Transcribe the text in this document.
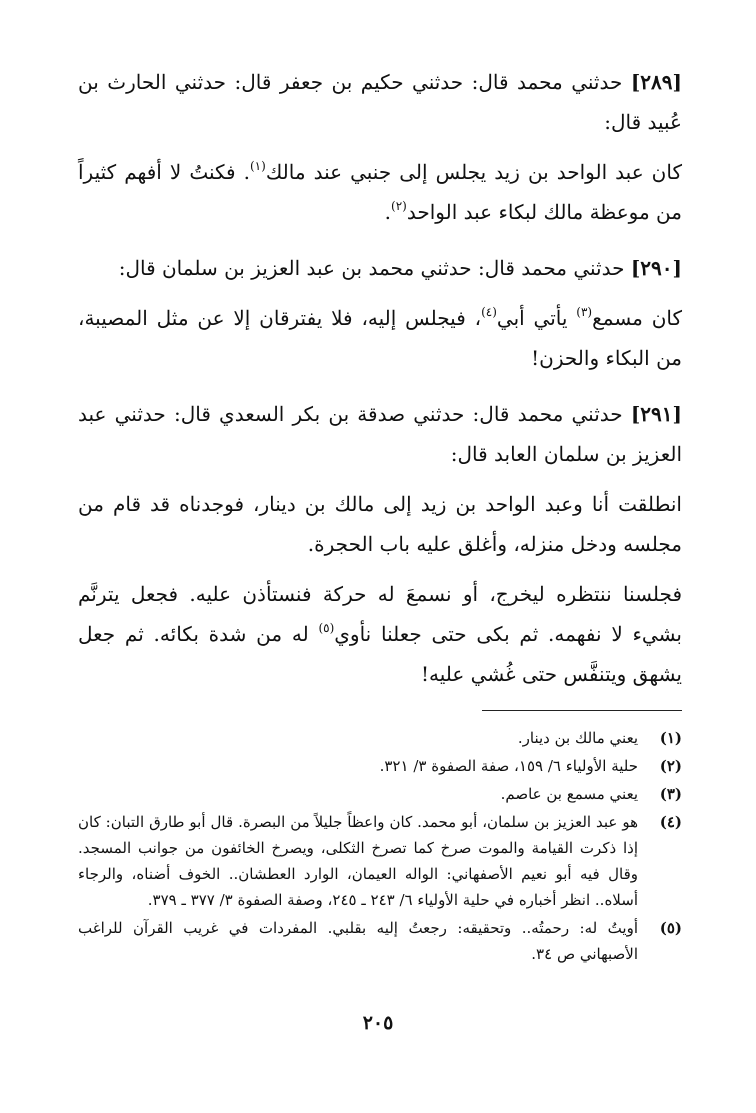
[٢٨٩] حدثني محمد قال: حدثني حكيم بن جعفر قال: حدثني الحارث بن عُبيد قال:

كان عبد الواحد بن زيد يجلس إلى جنبي عند مالك$^{(١)}$. فكنتُ لا أفهم كثيراً من موعظة مالك لبكاء عبد الواحد$^{(٢)}$.

[٢٩٠] حدثني محمد قال: حدثني محمد بن عبد العزيز بن سلمان قال:

كان مسمع$^{(٣)}$ يأتي أبي$^{(٤)}$، فيجلس إليه، فلا يفترقان إلا عن مثل المصيبة، من البكاء والحزن!

[٢٩١] حدثني محمد قال: حدثني صدقة بن بكر السعدي قال: حدثني عبد العزيز بن سلمان العابد قال:

انطلقت أنا وعبد الواحد بن زيد إلى مالك بن دينار، فوجدناه قد قام من مجلسه ودخل منزله، وأغلق عليه باب الحجرة.

فجلسنا ننتظره ليخرج، أو نسمعَ له حركة فنستأذن عليه. فجعل يترنَّم بشيء لا نفهمه. ثم بكى حتى جعلنا نأوي$^{(٥)}$ له من شدة بكائه. ثم جعل يشهق ويتنفَّس حتى غُشي عليه!

(١)
يعني مالك بن دينار.
(٢)
حلية الأولياء ٦/ ١٥٩، صفة الصفوة ٣/ ٣٢١.
(٣)
يعني مسمع بن عاصم.
(٤)
هو عبد العزيز بن سلمان، أبو محمد. كان واعظاً جليلاً من البصرة. قال أبو طارق التبان: كان إذا ذكرت القيامة والموت صرخ كما تصرخ الثكلى، ويصرخ الخائفون من جوانب المسجد. وقال فيه أبو نعيم الأصفهاني: الواله العيمان، الوارد العطشان.. الخوف أضناه، والرجاء أسلاه.. انظر أخباره في حلية الأولياء ٦/ ٢٤٣ ـ ٢٤٥، وصفة الصفوة ٣/ ٣٧٧ ـ ٣٧٩.
(٥)
أويتُ له: رحمتُه.. وتحقيقه: رجعتُ إليه بقلبي. المفردات في غريب القرآن للراغب الأصبهاني ص ٣٤.
٢٠٥
